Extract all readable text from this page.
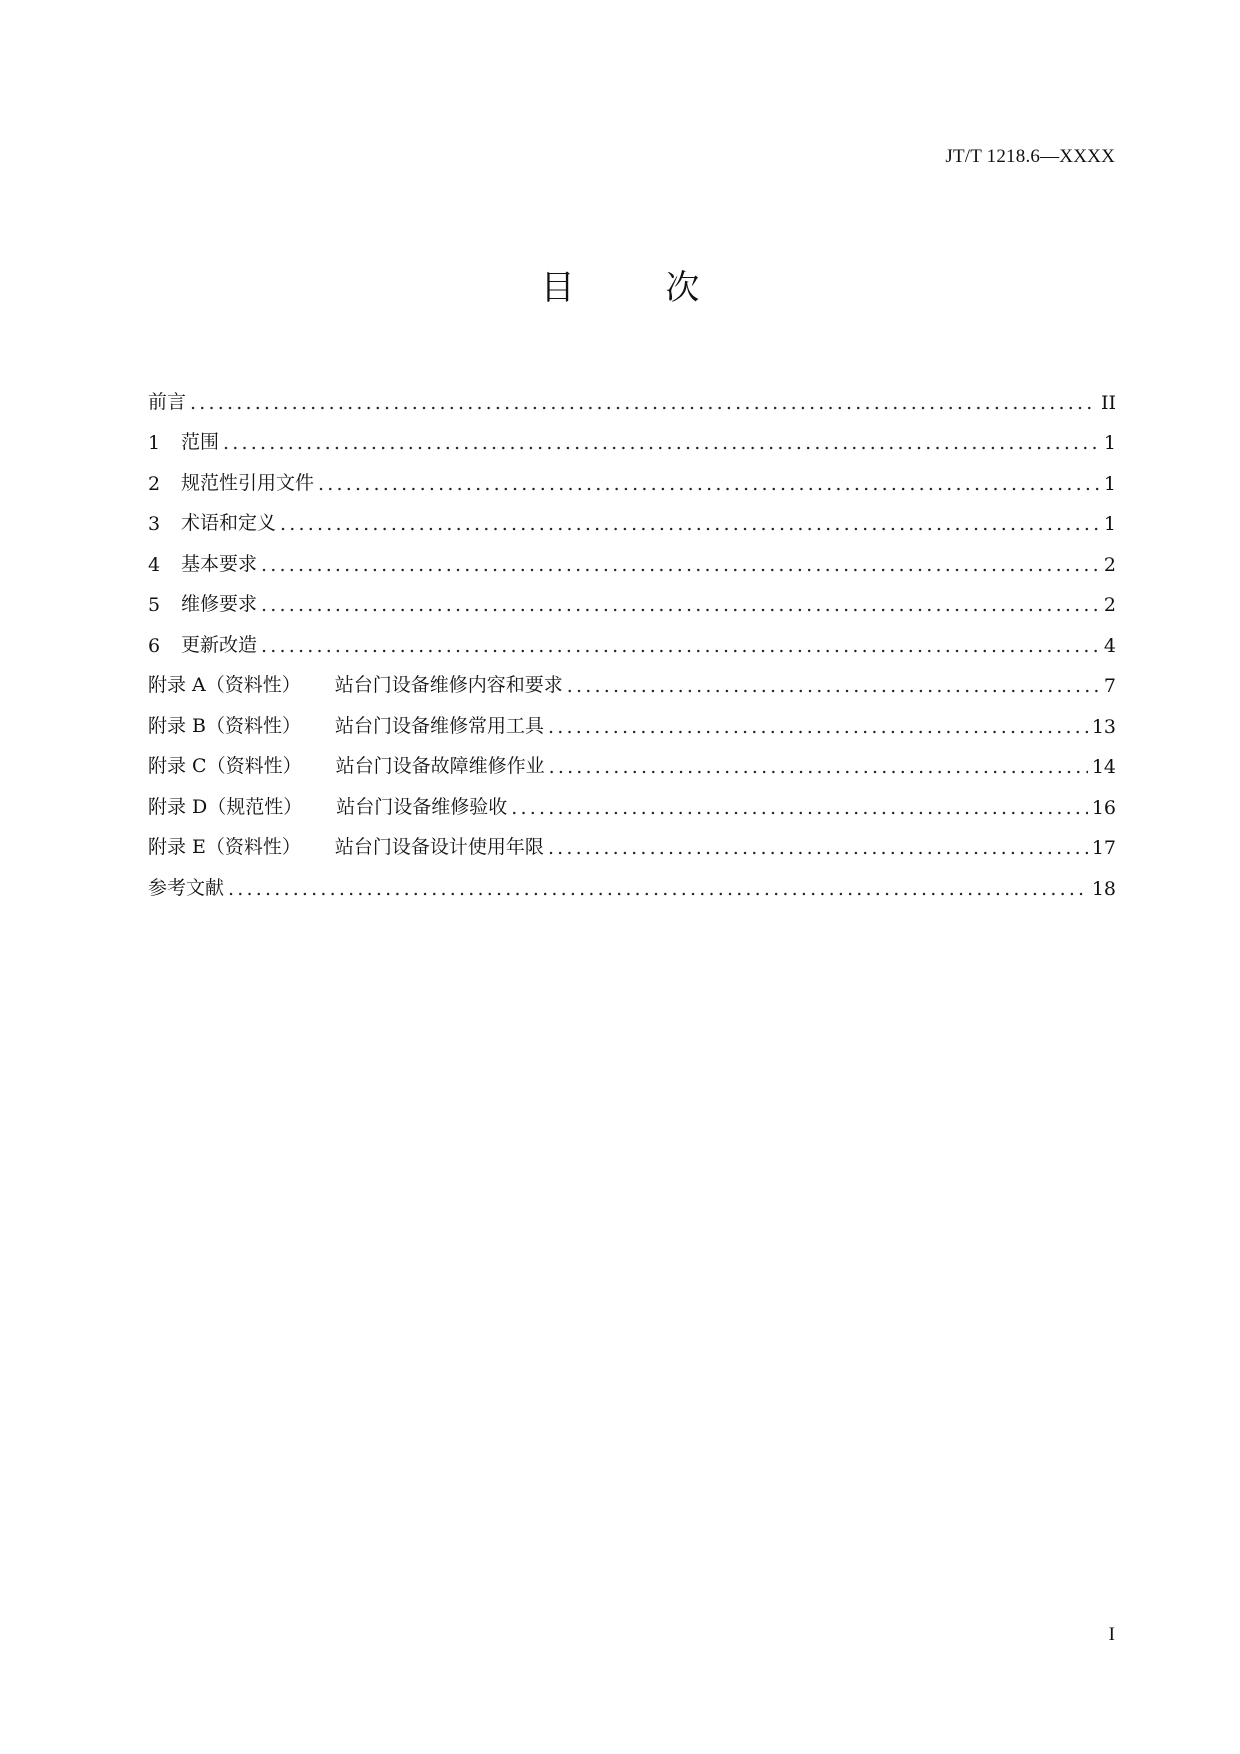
JT/T 1218.6—XXXX
目 次
前言 .....	II
1	范围 .....	1
2	规范性引用文件 .....	1
3	术语和定义 .....	1
4	基本要求 .....	2
5	维修要求 .....	2
6	更新改造 .....	4
附录 A（资料性） 站台门设备维修内容和要求 .....	7
附录 B（资料性） 站台门设备维修常用工具 .....	13
附录 C（资料性） 站台门设备故障维修作业 .....	14
附录 D（规范性） 站台门设备维修验收 .....	16
附录 E（资料性） 站台门设备设计使用年限 .....	17
参考文献 .....	18
I
